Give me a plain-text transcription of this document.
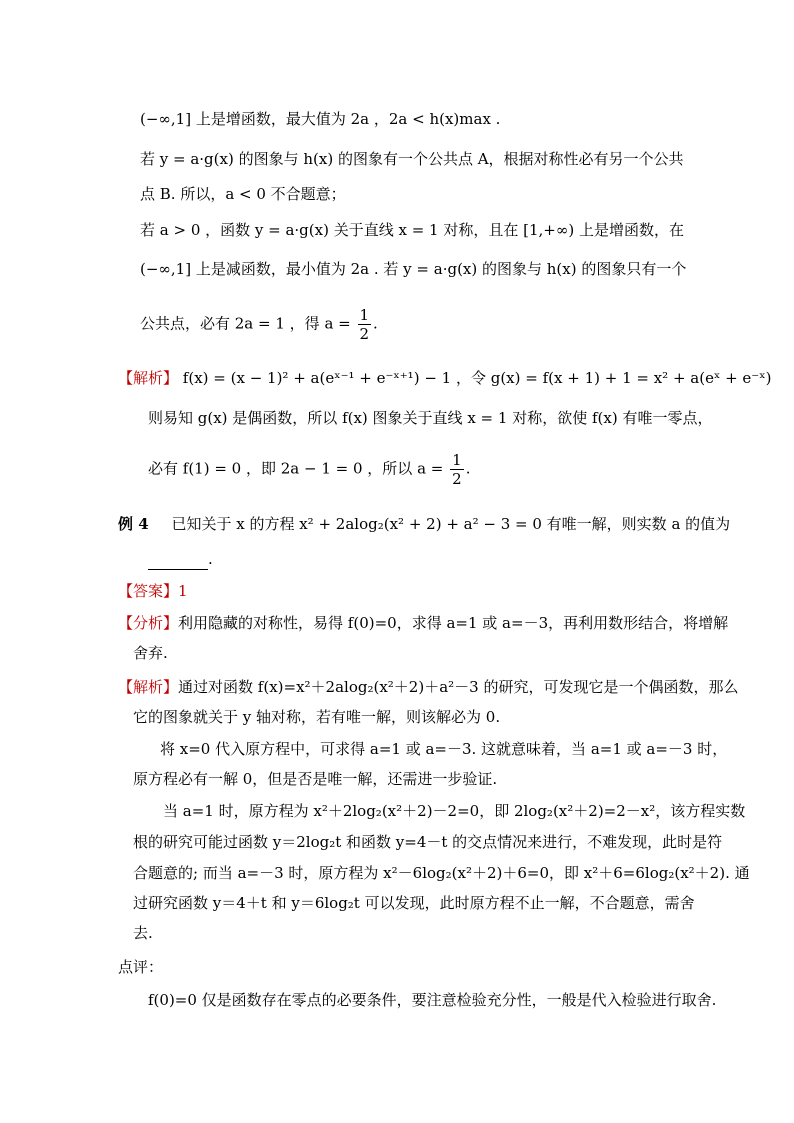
(−∞,1] 上是增函数，最大值为 2a ，2a < h(x)max .
若 y = a·g(x) 的图象与 h(x) 的图象有一个公共点 A，根据对称性必有另一个公共
点 B. 所以，a < 0 不合题意；
若 a > 0 ，函数 y = a·g(x) 关于直线 x = 1 对称，且在 [1,+∞) 上是增函数，在
(−∞,1] 上是减函数，最小值为 2a . 若 y = a·g(x) 的图象与 h(x) 的图象只有一个
公共点，必有 2a = 1 ，得 $a = \frac{1}{2}$ .
【解析】 f(x) = (x − 1)² + a(eˣ⁻¹ + e⁻ˣ⁺¹) − 1 ，令 g(x) = f(x + 1) + 1 = x² + a(eˣ + e⁻ˣ)
则易知 g(x) 是偶函数，所以 f(x) 图象关于直线 x = 1 对称，欲使 f(x) 有唯一零点，
必有 f(1) = 0 ，即 2a − 1 = 0 ，所以 $a = \frac{1}{2}$ .
例 4 已知关于 x 的方程 x² + 2alog₂(x² + 2) + a² − 3 = 0 有唯一解，则实数 a 的值为
.
【答案】1
【分析】利用隐藏的对称性，易得 f(0)=0，求得 a=1 或 a=－3，再利用数形结合，将增解
舍弃.
【解析】通过对函数 f(x)=x²＋2alog₂(x²＋2)＋a²－3 的研究，可发现它是一个偶函数，那么
它的图象就关于 y 轴对称，若有唯一解，则该解必为 0.
将 x=0 代入原方程中，可求得 a=1 或 a=－3. 这就意味着，当 a=1 或 a=－3 时，
原方程必有一解 0，但是否是唯一解，还需进一步验证.
当 a=1 时，原方程为 x²＋2log₂(x²＋2)－2=0，即 2log₂(x²＋2)=2－x²，该方程实数
根的研究可能过函数 y＝2log₂t 和函数 y=4－t 的交点情况来进行，不难发现，此时是符
合题意的; 而当 a=－3 时，原方程为 x²－6log₂(x²＋2)＋6=0，即 x²＋6=6log₂(x²＋2). 通
过研究函数 y＝4＋t 和 y＝6log₂t 可以发现，此时原方程不止一解，不合题意，需舍
去.
点评：
f(0)=0 仅是函数存在零点的必要条件，要注意检验充分性，一般是代入检验进行取舍.
